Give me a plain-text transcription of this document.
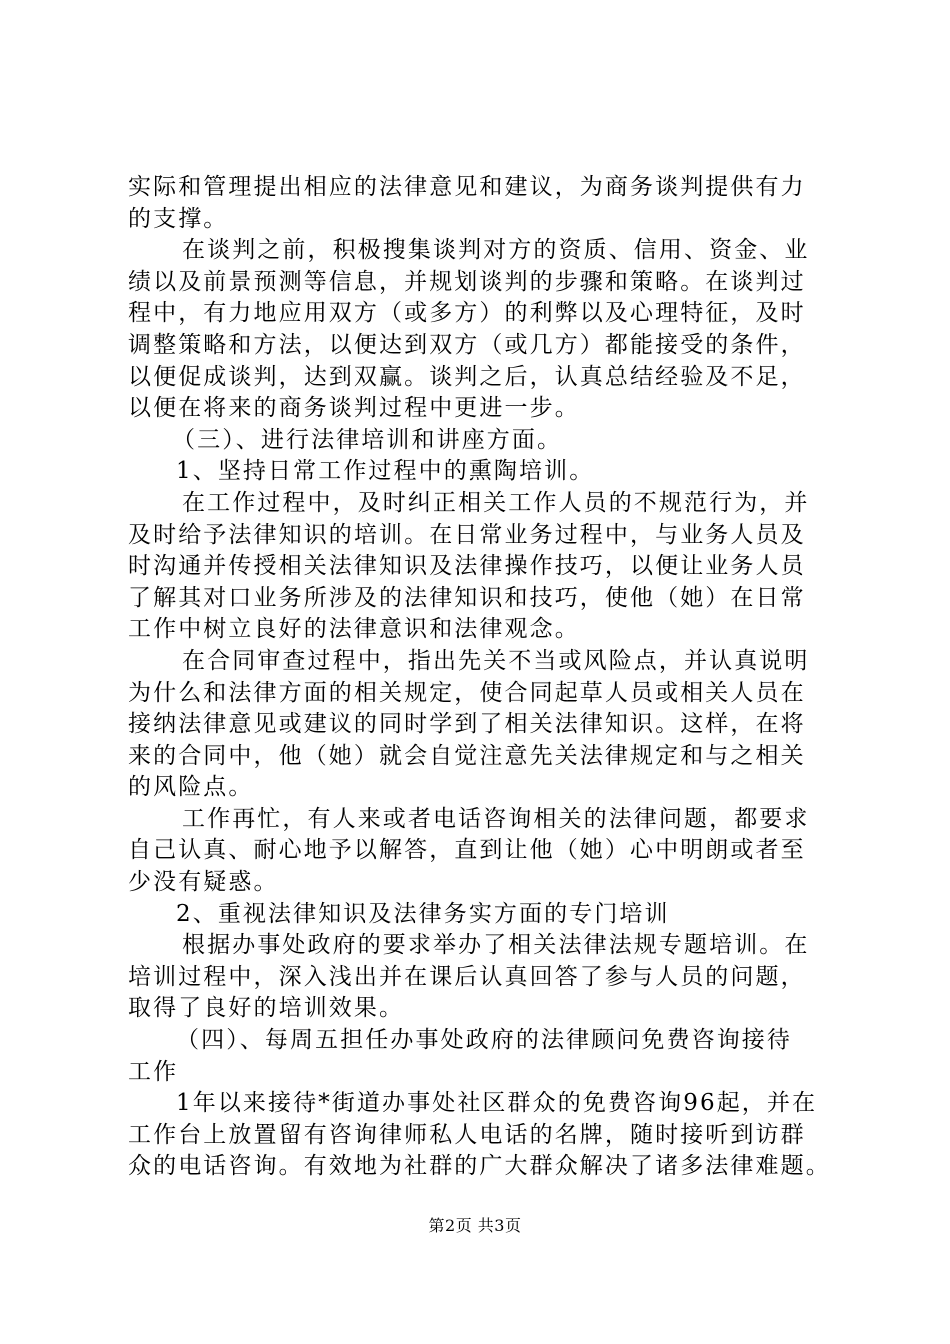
实际和管理提出相应的法律意见和建议，为商务谈判提供有力
的支撑。
在谈判之前，积极搜集谈判对方的资质、信用、资金、业
绩以及前景预测等信息，并规划谈判的步骤和策略。在谈判过
程中，有力地应用双方（或多方）的利弊以及心理特征，及时
调整策略和方法，以便达到双方（或几方）都能接受的条件，
以便促成谈判，达到双赢。谈判之后，认真总结经验及不足，
以便在将来的商务谈判过程中更进一步。
（三）、进行法律培训和讲座方面。
1、坚持日常工作过程中的熏陶培训。
在工作过程中，及时纠正相关工作人员的不规范行为，并
及时给予法律知识的培训。在日常业务过程中，与业务人员及
时沟通并传授相关法律知识及法律操作技巧，以便让业务人员
了解其对口业务所涉及的法律知识和技巧，使他（她）在日常
工作中树立良好的法律意识和法律观念。
在合同审查过程中，指出先关不当或风险点，并认真说明
为什么和法律方面的相关规定，使合同起草人员或相关人员在
接纳法律意见或建议的同时学到了相关法律知识。这样，在将
来的合同中，他（她）就会自觉注意先关法律规定和与之相关
的风险点。
工作再忙，有人来或者电话咨询相关的法律问题，都要求
自己认真、耐心地予以解答，直到让他（她）心中明朗或者至
少没有疑惑。
2、重视法律知识及法律务实方面的专门培训
根据办事处政府的要求举办了相关法律法规专题培训。在
培训过程中，深入浅出并在课后认真回答了参与人员的问题，
取得了良好的培训效果。
（四）、每周五担任办事处政府的法律顾问免费咨询接待
工作
1年以来接待*街道办事处社区群众的免费咨询96起，并在
工作台上放置留有咨询律师私人电话的名牌，随时接听到访群
众的电话咨询。有效地为社群的广大群众解决了诸多法律难题。
第2页 共3页
